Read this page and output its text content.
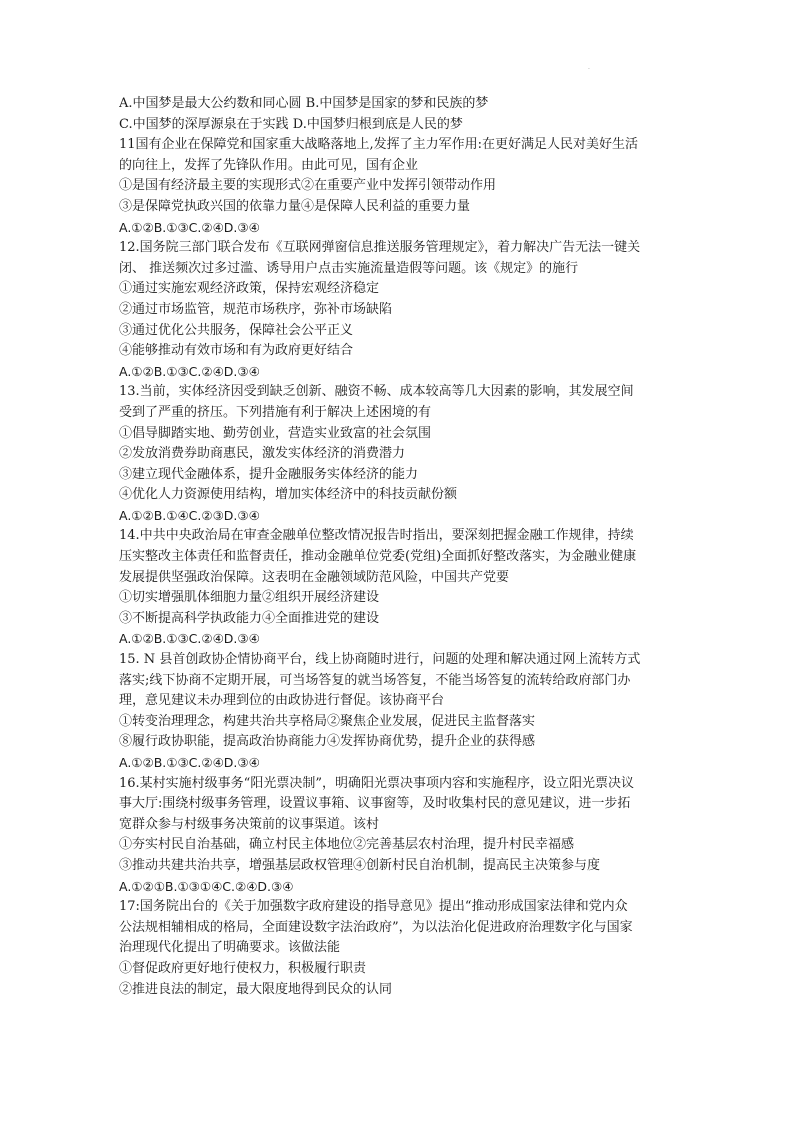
.
A.中国梦是最大公约数和同心圆 B.中国梦是国家的梦和民族的梦
C.中国梦的深厚源泉在于实践 D.中国梦归根到底是人民的梦
11国有企业在保障党和国家重大战略落地上,发挥了主力军作用:在更好满足人民对美好生活
的向往上，发挥了先锋队作用。由此可见，国有企业
①是国有经济最主要的实现形式②在重要产业中发挥引领带动作用
③是保障党执政兴国的依靠力量④是保障人民利益的重要力量
A.①②B.①③C.②④D.③④
12.国务院三部门联合发布《互联网弹窗信息推送服务管理规定》，着力解决广告无法一键关
闭、 推送频次过多过滥、诱导用户点击实施流量造假等问题。该《规定》的施行
①通过实施宏观经济政策，保持宏观经济稳定
②通过市场监管，规范市场秩序，弥补市场缺陷
③通过优化公共服务，保障社会公平正义
④能够推动有效市场和有为政府更好结合
A.①②B.①③C.②④D.③④
13.当前，实体经济因受到缺乏创新、融资不畅、成本较高等几大因素的影响，其发展空间
受到了严重的挤压。下列措施有利于解决上述困境的有
①倡导脚踏实地、勤劳创业，营造实业致富的社会氛围
②发放消费券助商惠民，激发实体经济的消费潜力
③建立现代金融体系，提升金融服务实体经济的能力
④优化人力资源使用结构，增加实体经济中的科技贡献份额
A.①②B.①④C.②③D.③④
14.中共中央政治局在审查金融单位整改情况报告时指出，要深刻把握金融工作规律，持续
压实整改主体责任和监督责任，推动金融单位党委(党组)全面抓好整改落实，为金融业健康
发展提供坚强政治保障。这表明在金融领域防范风险，中国共产党要
①切实增强肌体细胞力量②组织开展经济建设
③不断提高科学执政能力④全面推进党的建设
A.①②B.①③C.②④D.③④
15. N 县首创政协企情协商平台，线上协商随时进行，问题的处理和解决通过网上流转方式
落实;线下协商不定期开展，可当场答复的就当场答复，不能当场答复的流转给政府部门办
理，意见建议未办理到位的由政协进行督促。该协商平台
①转变治理理念，构建共治共享格局②聚焦企业发展，促进民主监督落实
⑧履行政协职能，提高政治协商能力④发挥协商优势，提升企业的获得感
A.①②B.①③C.②④D.③④
16.某村实施村级事务“阳光票决制”，明确阳光票决事项内容和实施程序，设立阳光票决议
事大厅:围绕村级事务管理，设置议事箱、议事窗等，及时收集村民的意见建议，进一步拓
宽群众参与村级事务决策前的议事渠道。该村
①夯实村民自治基础，确立村民主体地位②完善基层农村治理，提升村民幸福感
③推动共建共治共享，增强基层政权管理④创新村民自治机制，提高民主决策参与度
A.①②①B.①③①④C.②④D.③④
17:国务院出台的《关于加强数字政府建设的指导意见》提出“推动形成国家法律和党内众
公法规相辅相成的格局，全面建设数字法治政府”，为以法治化促进政府治理数字化与国家
治理现代化提出了明确要求。该做法能
①督促政府更好地行使权力，积极履行职责
②推进良法的制定，最大限度地得到民众的认同
